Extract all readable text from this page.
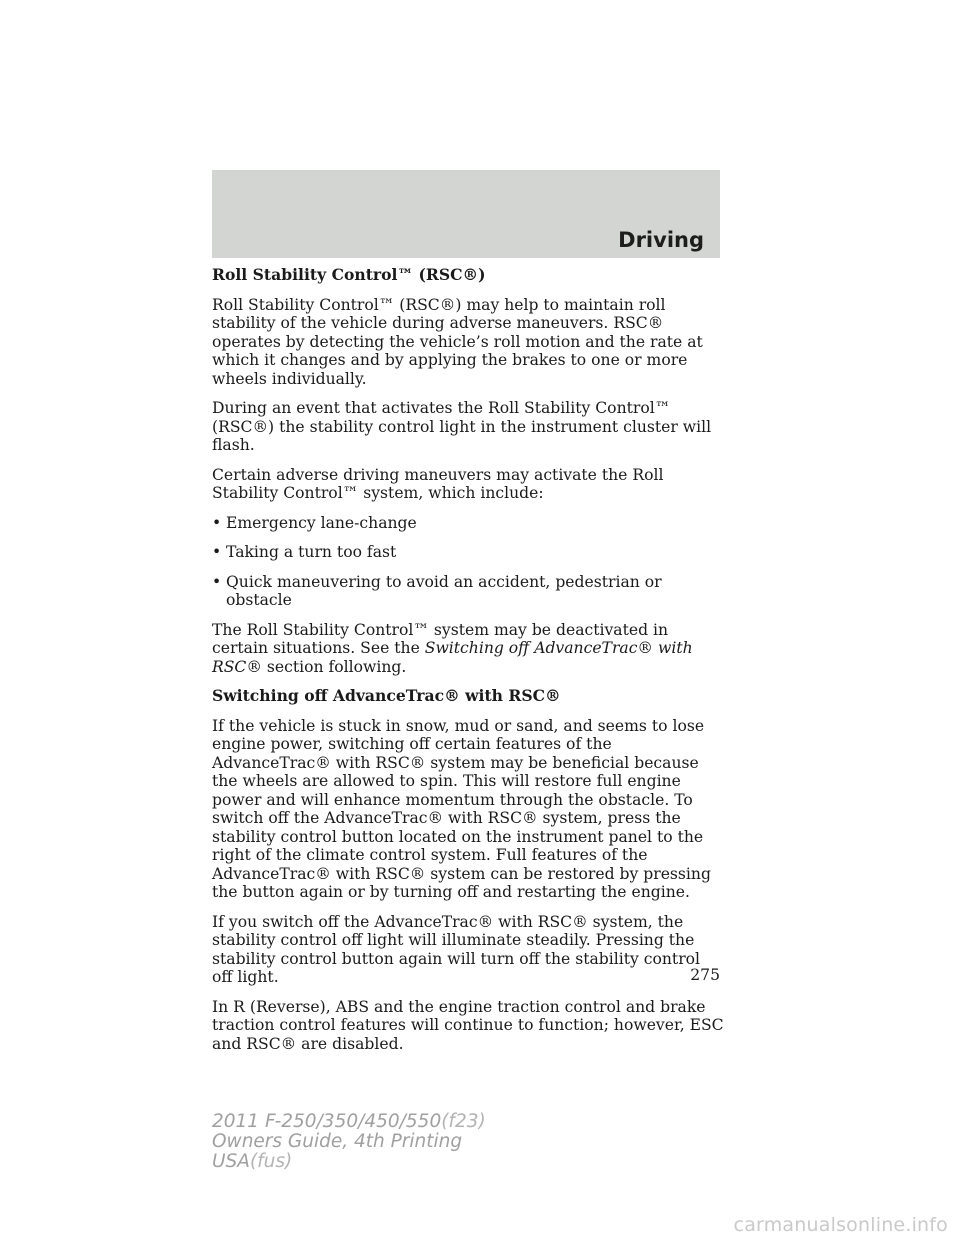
Driving
Roll Stability Control™ (RSC®)

Roll Stability Control™ (RSC®) may help to maintain roll stability of the vehicle during adverse maneuvers. RSC® operates by detecting the vehicle’s roll motion and the rate at which it changes and by applying the brakes to one or more wheels individually.

During an event that activates the Roll Stability Control™ (RSC®) the stability control light in the instrument cluster will flash.

Certain adverse driving maneuvers may activate the Roll Stability Control™ system, which include:

• Emergency lane-change
• Taking a turn too fast
• Quick maneuvering to avoid an accident, pedestrian or obstacle

The Roll Stability Control™ system may be deactivated in certain situations. See the Switching off AdvanceTrac® with RSC® section following.

Switching off AdvanceTrac® with RSC®

If the vehicle is stuck in snow, mud or sand, and seems to lose engine power, switching off certain features of the AdvanceTrac® with RSC® system may be beneficial because the wheels are allowed to spin. This will restore full engine power and will enhance momentum through the obstacle. To switch off the AdvanceTrac® with RSC® system, press the stability control button located on the instrument panel to the right of the climate control system. Full features of the AdvanceTrac® with RSC® system can be restored by pressing the button again or by turning off and restarting the engine.

If you switch off the AdvanceTrac® with RSC® system, the stability control off light will illuminate steadily. Pressing the stability control button again will turn off the stability control off light.

In R (Reverse), ABS and the engine traction control and brake traction control features will continue to function; however, ESC and RSC® are disabled.

275
2011 F-250/350/450/550(f23)
Owners Guide, 4th Printing
USA(fus)
carmanualsonline.info
